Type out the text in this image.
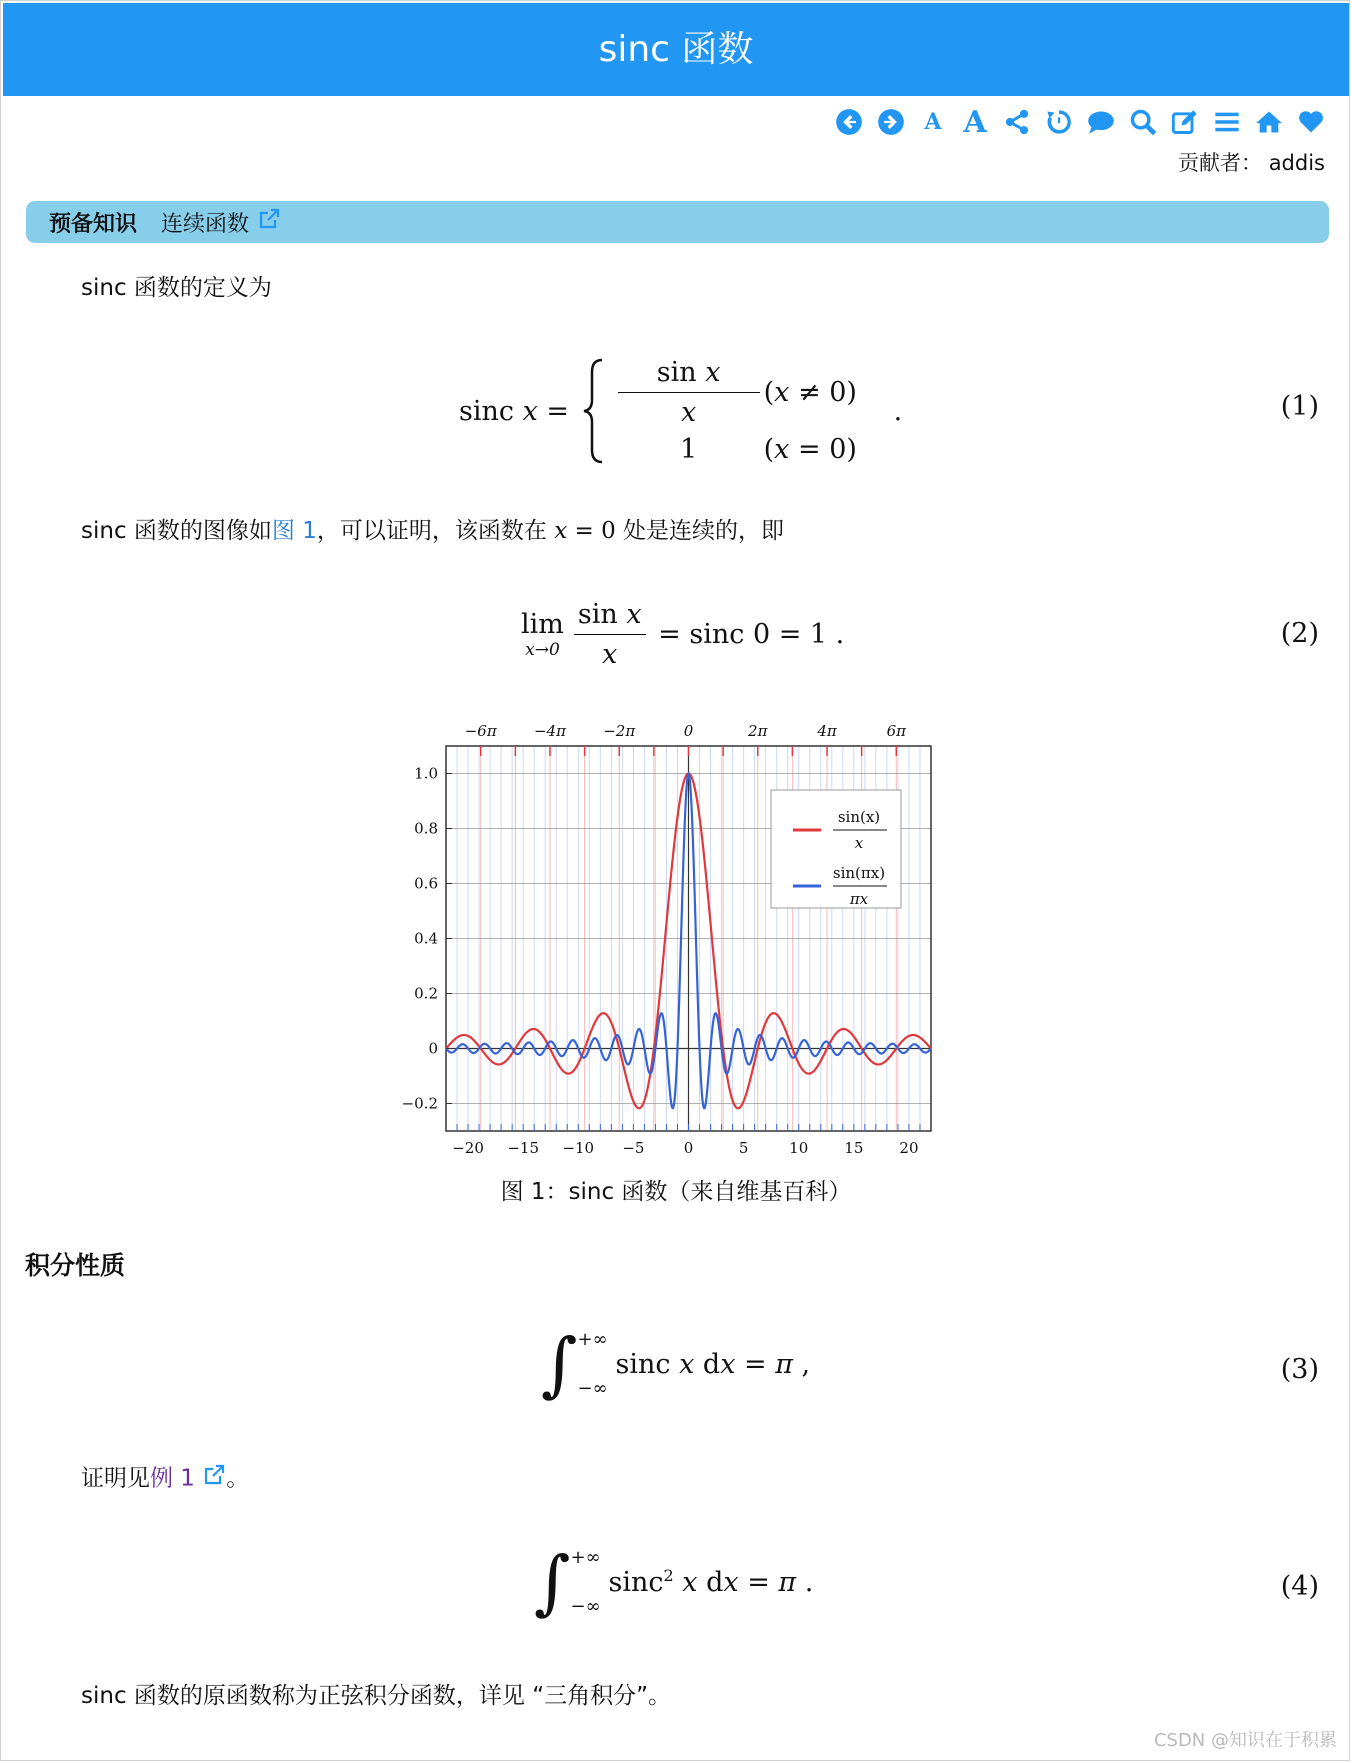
sinc 函数
A A
贡献者： addis
预备知识 连续函数
sinc 函数的定义为
sinc $x = \frac{\text{sin x}}{x} (x \ne 0)$
1	(x = 0)
.	(1)
sinc 函数的图像如图 1，可以证明，该函数在 x = 0 处是连续的，即
lim
$x\to 0 \frac{\text{sin x}}{x} = \sin c$ 0 = 1 .	(2)
1.0
0.8
0.6
0.4
0.2
0
−0.2
−20 −15 −10 −5	0	5	10 15 20
−6π −4π −2π	0	2π	4π	6π
sin(x)
x
sin(πx)
πx
图 1：sinc 函数（来自维基百科）
积分性质
∫ +∞
−∞
sinc x d x = π ,	(3)
证明见例 1 。
∫ +∞
−∞
sinc$^2$ x d x = π .	(4)
sinc 函数的原函数称为正弦积分函数，详见 “三角积分”。
CSDN @知识在于积累
